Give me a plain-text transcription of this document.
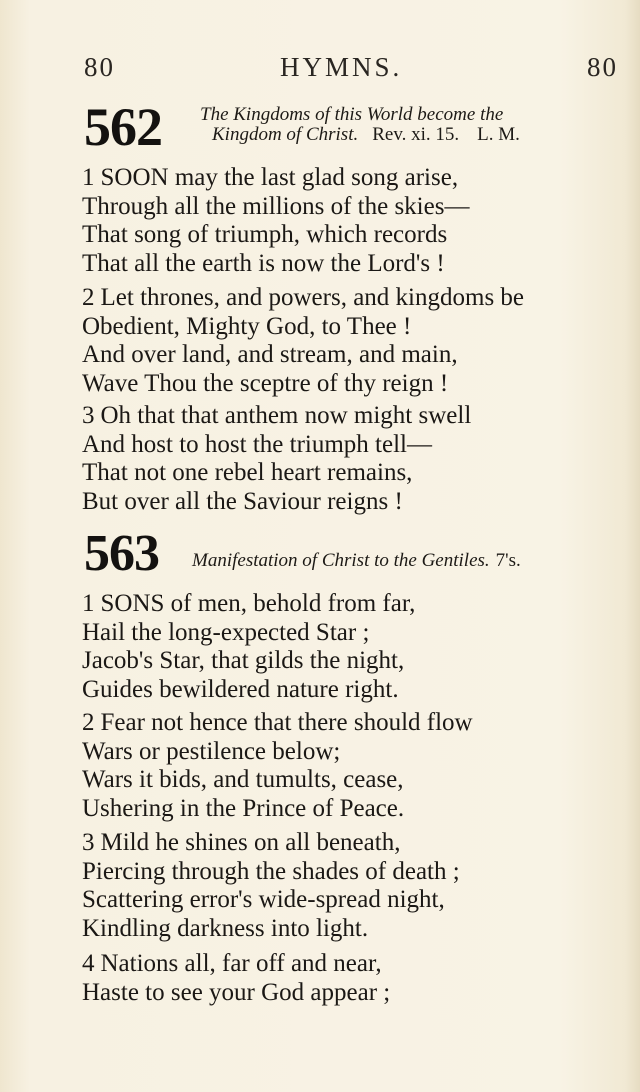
80	HYMNS.	80
562 The Kingdoms of this World become the
Kingdom of Christ. Rev. xi. 15. L. M.
1 SOON may the last glad song arise,
Through all the millions of the skies—
That song of triumph, which records
That all the earth is now the Lord's !
2 Let thrones, and powers, and kingdoms be
Obedient, Mighty God, to Thee !
And over land, and stream, and main,
Wave Thou the sceptre of thy reign !
3 Oh that that anthem now might swell
And host to host the triumph tell—
That not one rebel heart remains,
But over all the Saviour reigns !
563 Manifestation of Christ to the Gentiles. 7's.
1 SONS of men, behold from far,
Hail the long-expected Star ;
Jacob's Star, that gilds the night,
Guides bewildered nature right.
2 Fear not hence that there should flow
Wars or pestilence below;
Wars it bids, and tumults, cease,
Ushering in the Prince of Peace.
3 Mild he shines on all beneath,
Piercing through the shades of death ;
Scattering error's wide-spread night,
Kindling darkness into light.
4 Nations all, far off and near,
Haste to see your God appear ;
